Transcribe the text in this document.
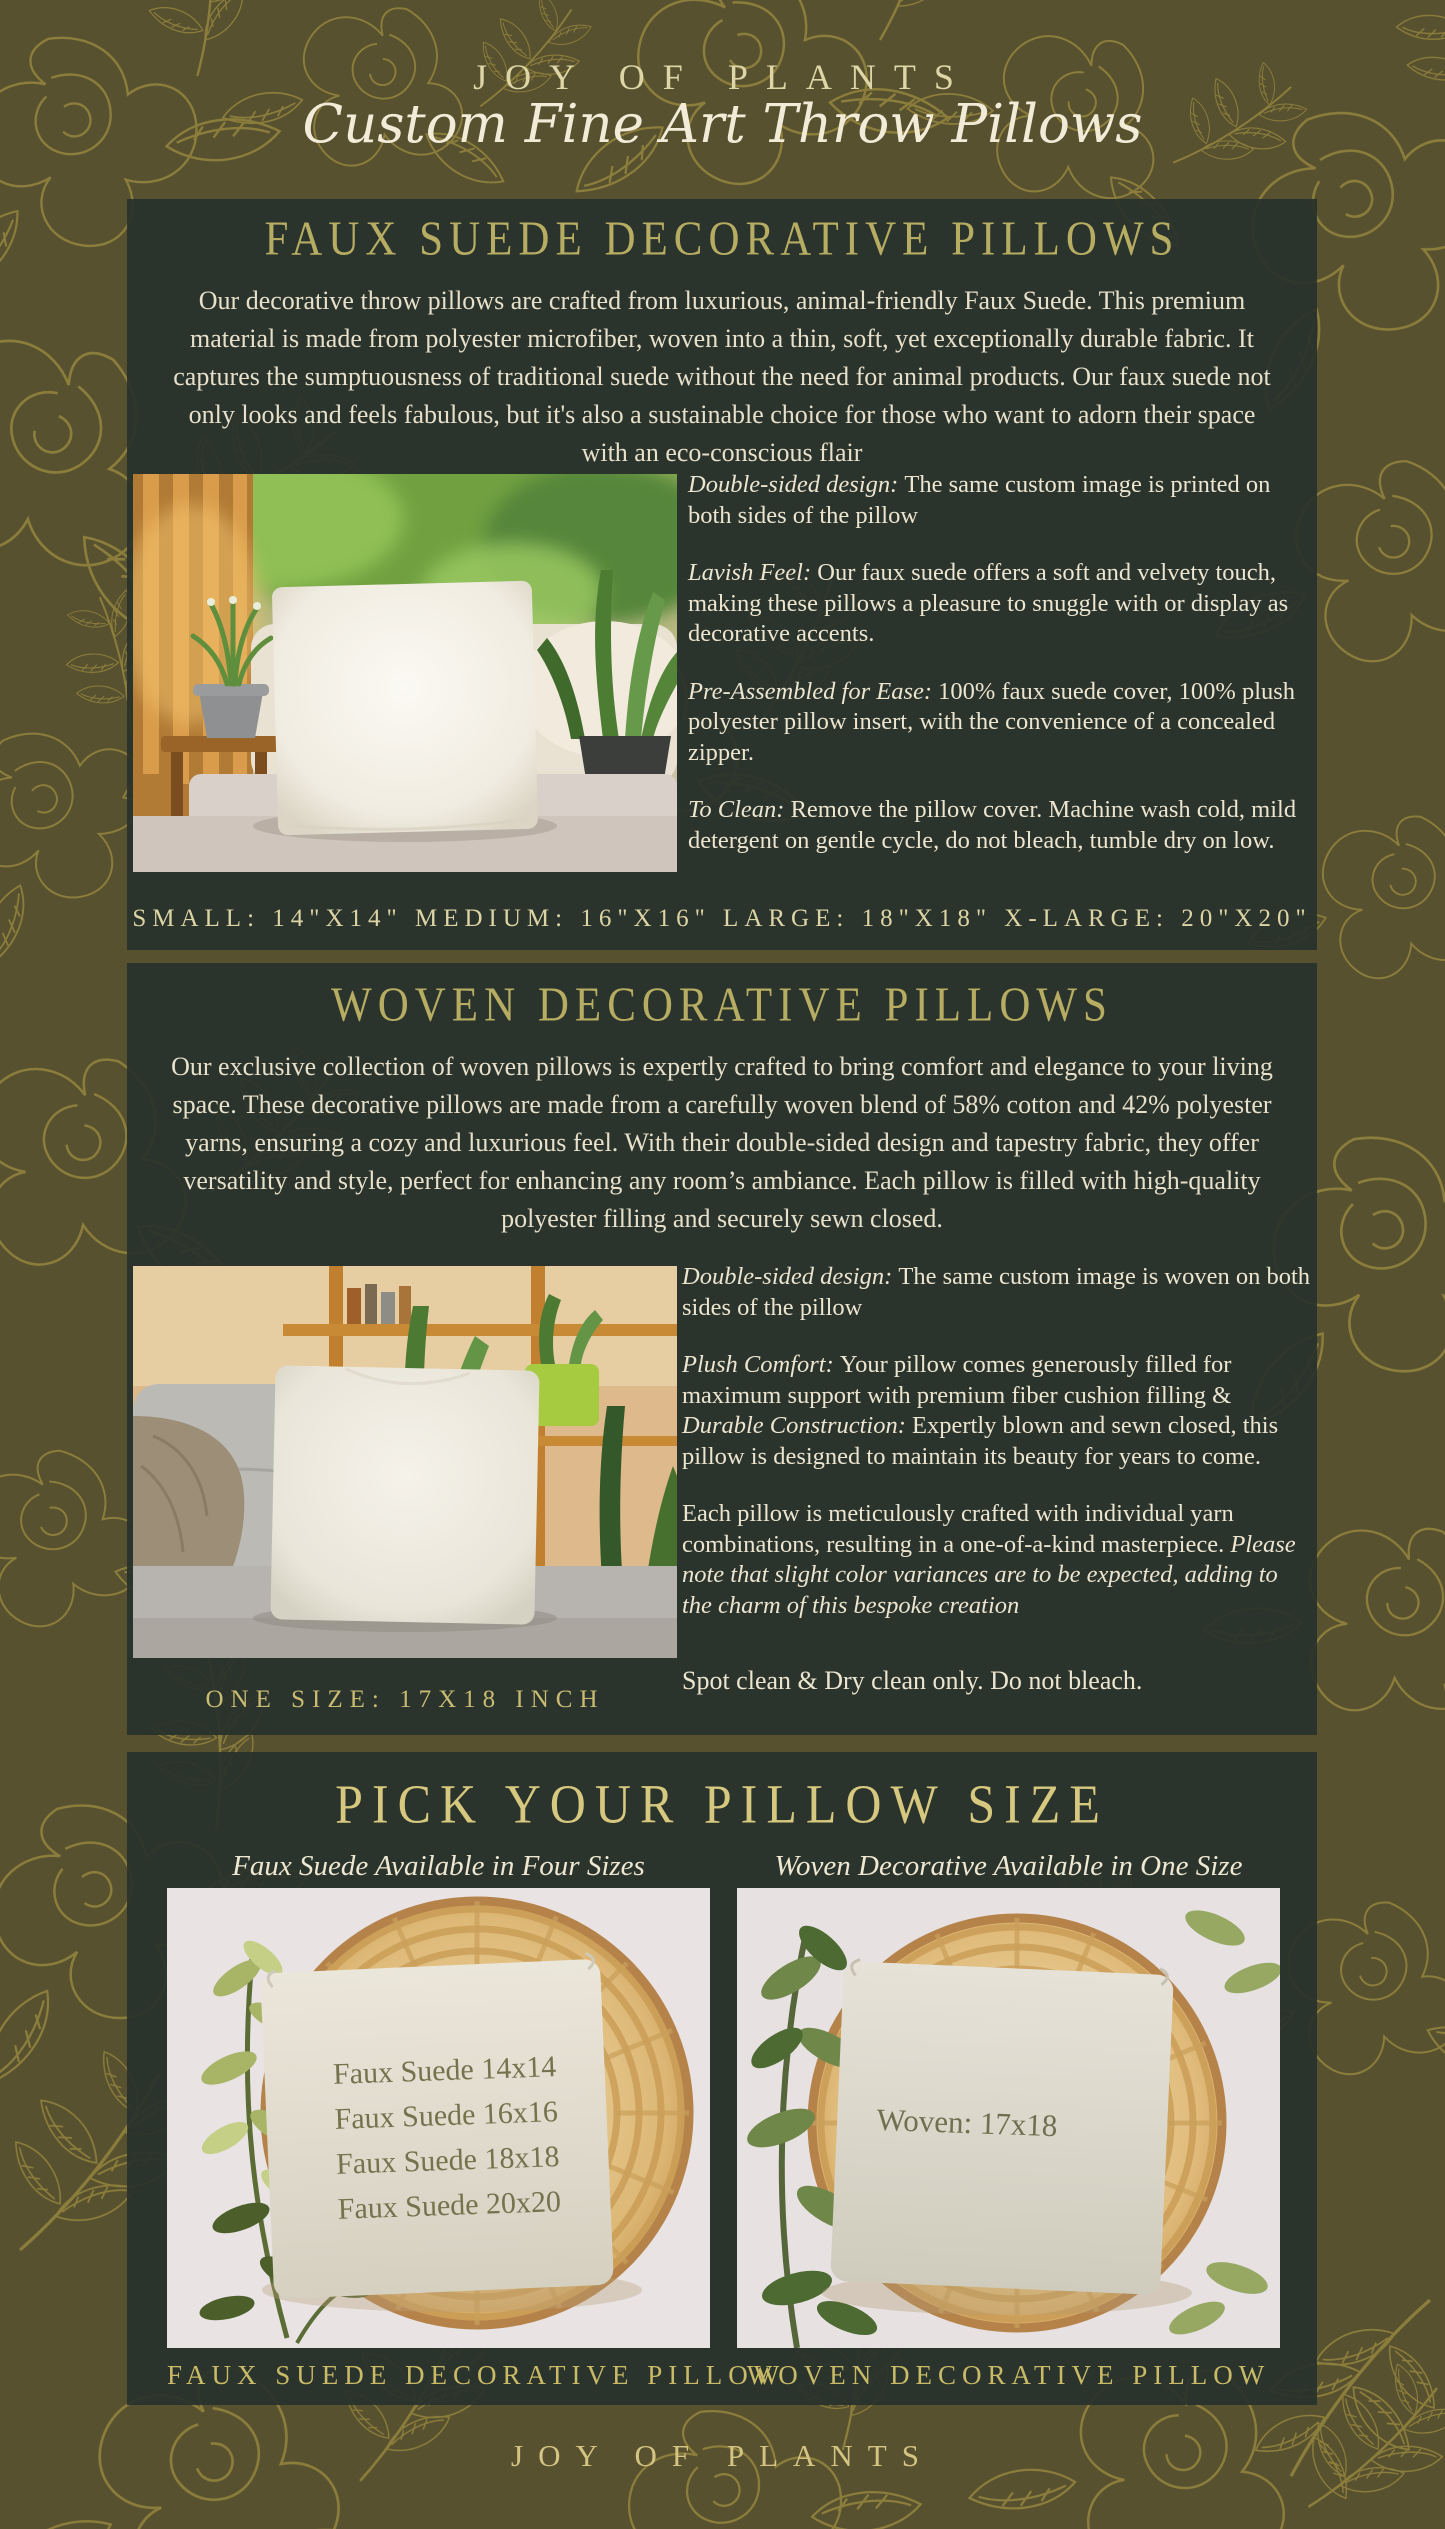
JOY OF PLANTS
Custom Fine Art Throw Pillows
FAUX SUEDE DECORATIVE PILLOWS
Our decorative throw pillows are crafted from luxurious, animal-friendly Faux Suede. This premium material is made from polyester microfiber, woven into a thin, soft, yet exceptionally durable fabric. It captures the sumptuousness of traditional suede without the need for animal products. Our faux suede not only looks and feels fabulous, but it's also a sustainable choice for those who want to adorn their space with an eco-conscious flair

Double-sided design: The same custom image is printed on both sides of the pillow

Lavish Feel: Our faux suede offers a soft and velvety touch, making these pillows a pleasure to snuggle with or display as decorative accents.

Pre-Assembled for Ease: 100% faux suede cover, 100% plush polyester pillow insert, with the convenience of a concealed zipper.

To Clean: Remove the pillow cover. Machine wash cold, mild detergent on gentle cycle, do not bleach, tumble dry on low.

SMALL: 14"X14" MEDIUM: 16"X16" LARGE: 18"X18" X-LARGE: 20"X20"
WOVEN DECORATIVE PILLOWS
Our exclusive collection of woven pillows is expertly crafted to bring comfort and elegance to your living space. These decorative pillows are made from a carefully woven blend of 58% cotton and 42% polyester yarns, ensuring a cozy and luxurious feel. With their double-sided design and tapestry fabric, they offer versatility and style, perfect for enhancing any room’s ambiance. Each pillow is filled with high-quality polyester filling and securely sewn closed.

Double-sided design: The same custom image is woven on both sides of the pillow

Plush Comfort: Your pillow comes generously filled for maximum support with premium fiber cushion filling & Durable Construction: Expertly blown and sewn closed, this pillow is designed to maintain its beauty for years to come.

Each pillow is meticulously crafted with individual yarn combinations, resulting in a one-of-a-kind masterpiece. Please note that slight color variances are to be expected, adding to the charm of this bespoke creation

Spot clean & Dry clean only. Do not bleach.
ONE SIZE: 17X18 INCH
PICK YOUR PILLOW SIZE
Faux Suede Available in Four Sizes	Woven Decorative Available in One Size
Faux Suede 14x14
Faux Suede 16x16
Faux Suede 18x18
Faux Suede 20x20
Woven: 17x18
FAUX SUEDE DECORATIVE PILLOW
WOVEN DECORATIVE PILLOW
JOY OF PLANTS
